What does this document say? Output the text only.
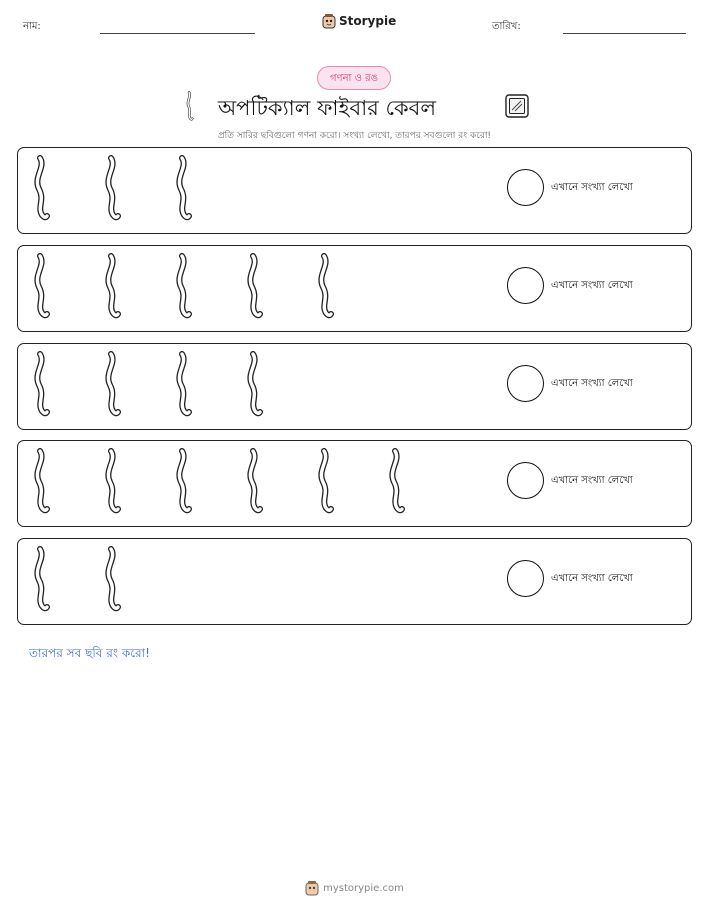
নাম:	Storypie	তারিখ:
গণনা ও রঙ
অপটিক্যাল ফাইবার কেবল
প্রতি সারির ছবিগুলো গণনা করো। সংখ্যা লেখো, তারপর সবগুলো রং করো!
এখানে সংখ্যা লেখো
এখানে সংখ্যা লেখো
এখানে সংখ্যা লেখো
এখানে সংখ্যা লেখো
এখানে সংখ্যা লেখো
তারপর সব ছবি রং করো!
mystorypie.com
